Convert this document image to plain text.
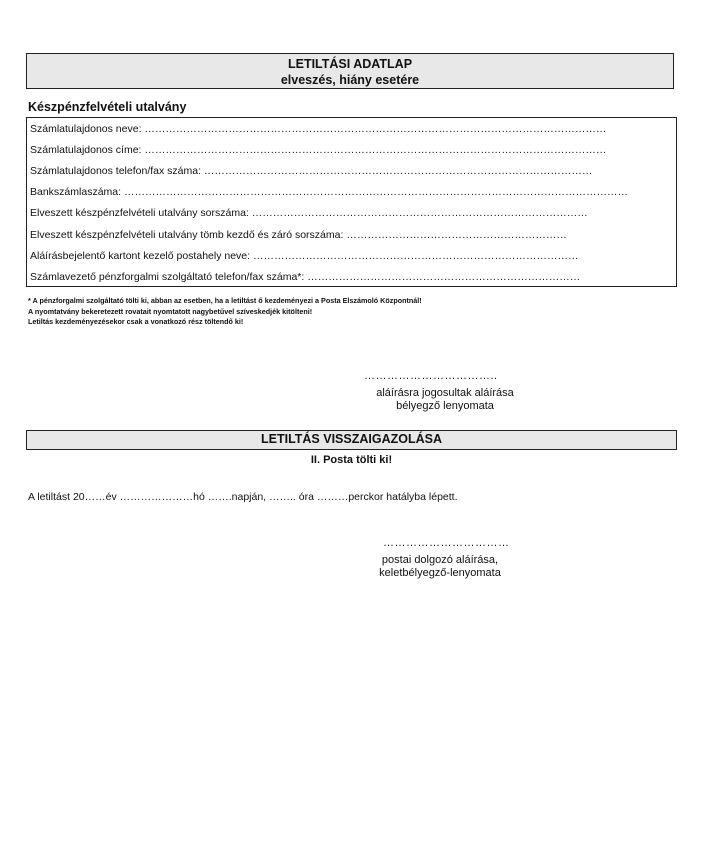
LETILTÁSI ADATLAP
elveszés, hiány esetére
Készpénzfelvételi utalvány
Számlatulajdonos neve: ……………………………………………………………………………………………………………………
Számlatulajdonos címe: ……………………………………………………………………………………………………………………
Számlatulajdonos telefon/fax száma: …………………………………………………………………………………………………
Bankszámlaszáma: ………………………………………………………………………………………………………………………………
Elveszett készpénzfelvételi utalvány sorszáma: ……………………………………………………………………………………
Elveszett készpénzfelvételi utalvány tömb kezdő és záró sorszáma: ………………………………………………………
Aláírásbejelentő kartont kezelő postahely neve: …………………………………………………………………………………
Számlavezető pénzforgalmi szolgáltató telefon/fax száma*: ……………………………………………………………………
* A pénzforgalmi szolgáltató tölti ki, abban az esetben, ha a letiltást ő kezdeményezi a Posta Elszámoló Központnál!
A nyomtatvány bekeretezett rovatait nyomtatott nagybetűvel szíveskedjék kitölteni!
Letiltás kezdeményezésekor csak a vonatkozó rész töltendő ki!
……………………………..
aláírásra jogosultak aláírása
bélyegző lenyomata
LETILTÁS VISSZAIGAZOLÁSA
II. Posta tölti ki!
A letiltást 20……év …………………hó …….napján, …….. óra ………perckor hatályba lépett.
……………………………
postai dolgozó aláírása,
keletbélyegző-lenyomata
